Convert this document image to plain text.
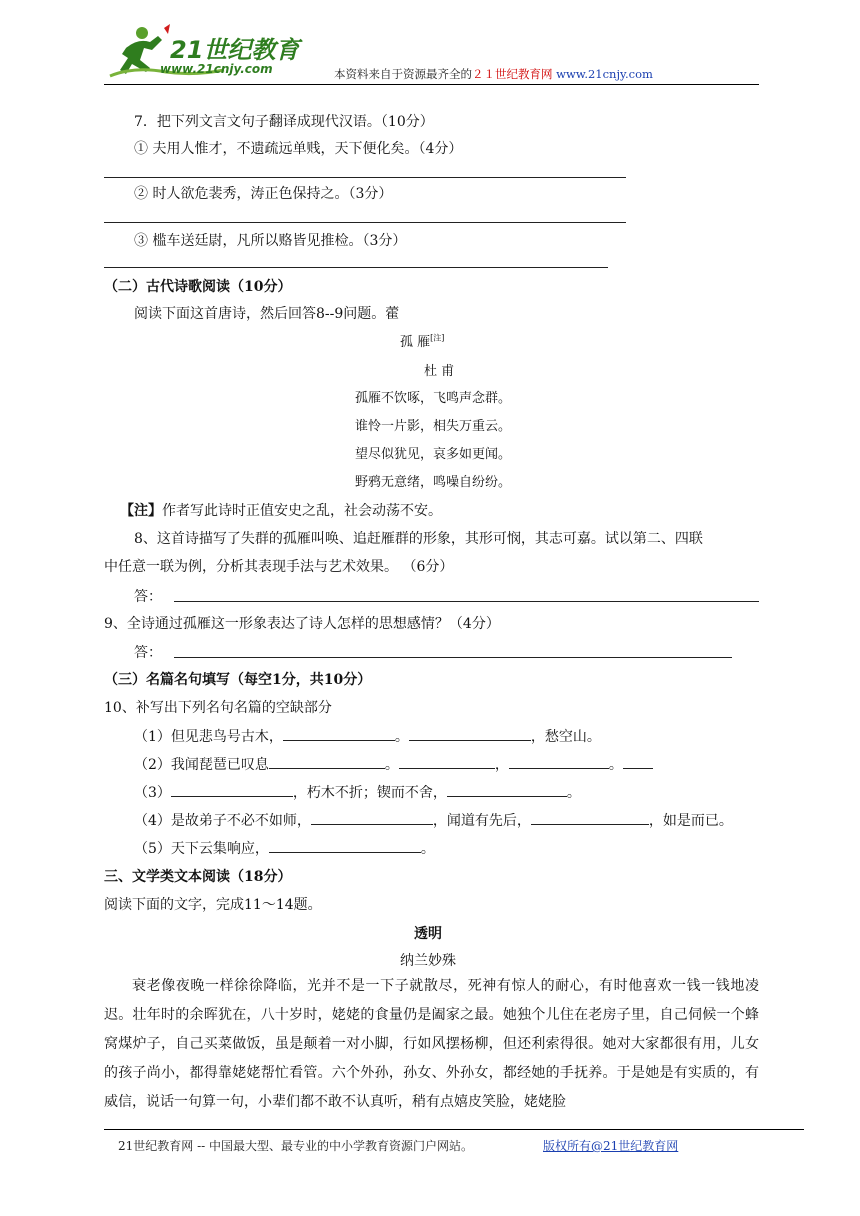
21世纪教育
www.21cnjy.com	本资料来自于资源最齐全的２１世纪教育网 www.21cnjy.com
7．把下列文言文句子翻译成现代汉语。（10分）
① 夫用人惟才，不遗疏远单贱，天下便化矣。（4分）
② 时人欲危裴秀，涛正色保持之。（3分）
③ 槛车送廷尉，凡所以赂皆见推检。（3分）
（二）古代诗歌阅读（10分）
阅读下面这首唐诗，然后回答8--9问题。藿
孤 雁[注]
杜 甫
孤雁不饮啄，飞鸣声念群。
谁怜一片影，相失万重云。
望尽似犹见，哀多如更闻。
野鸦无意绪，鸣噪自纷纷。
【注】作者写此诗时正值安史之乱，社会动荡不安。
8、这首诗描写了失群的孤雁叫唤、追赶雁群的形象，其形可悯，其志可嘉。试以第二、四联
中任意一联为例，分析其表现手法与艺术效果。 （6分）
答：
9、全诗通过孤雁这一形象表达了诗人怎样的思想感情？（4分）
答：
（三）名篇名句填写（每空1分，共10分）
10、补写出下列名句名篇的空缺部分
（1）但见悲鸟号古木，	。	，愁空山。
（2）我闻琵琶已叹息	。	，	。
（3）	，朽木不折；锲而不舍，	。
（4）是故弟子不必不如师，	，闻道有先后，	，如是而已。
（5）天下云集响应，	。
三、文学类文本阅读（18分）
阅读下面的文字，完成11～14题。
透明
纳兰妙殊
衰老像夜晚一样徐徐降临，光并不是一下子就散尽，死神有惊人的耐心，有时他喜欢一钱一钱地凌迟。壮年时的余晖犹在，八十岁时，姥姥的食量仍是阖家之最。她独个儿住在老房子里，自己伺候一个蜂窝煤炉子，自己买菜做饭，虽是颠着一对小脚，行如风摆杨柳，但还利索得很。她对大家都很有用，儿女的孩子尚小，都得靠姥姥帮忙看管。六个外孙，孙女、外孙女，都经她的手抚养。于是她是有实质的，有威信，说话一句算一句，小辈们都不敢不认真听，稍有点嬉皮笑脸，姥姥脸
21世纪教育网 -- 中国最大型、最专业的中小学教育资源门户网站。	版权所有@21世纪教育网
